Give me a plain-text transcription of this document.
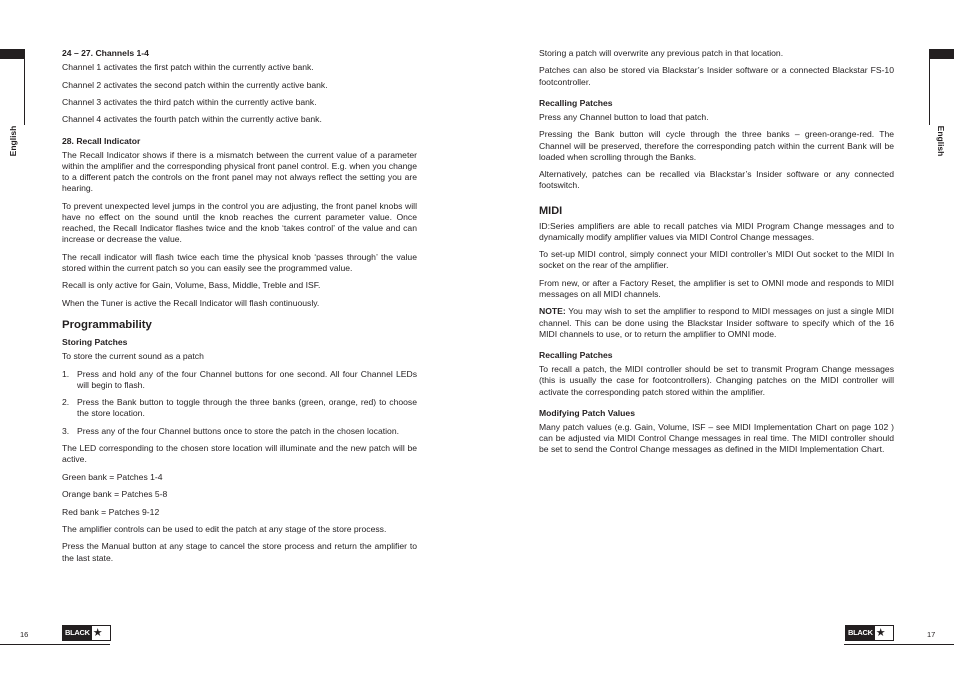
English	English
24 – 27. Channels 1-4

Channel 1 activates the first patch within the currently active bank.

Channel 2 activates the second patch within the currently active bank.

Channel 3 activates the third patch within the currently active bank.

Channel 4 activates the fourth patch within the currently active bank.

28. Recall Indicator

The Recall Indicator shows if there is a mismatch between the current value of a parameter within the amplifier and the corresponding physical front panel control. E.g. when you change to a different patch the controls on the front panel may not always reflect the setting you are hearing.

To prevent unexpected level jumps in the control you are adjusting, the front panel knobs will have no effect on the sound until the knob reaches the current parameter value. Once reached, the Recall Indicator flashes twice and the knob ‘takes control’ of the value and can increase or decrease the value.

The recall indicator will flash twice each time the physical knob ‘passes through’ the value stored within the current patch so you can easily see the programmed value.

Recall is only active for Gain, Volume, Bass, Middle, Treble and ISF.

When the Tuner is active the Recall Indicator will flash continuously.

Programmability
Storing Patches

To store the current sound as a patch

1. Press and hold any of the four Channel buttons for one second. All four Channel LEDs will begin to flash.
2. Press the Bank button to toggle through the three banks (green, orange, red) to choose the store location.
3. Press any of the four Channel buttons once to store the patch in the chosen location.

The LED corresponding to the chosen store location will illuminate and the new patch will be active.

Green bank = Patches 1-4

Orange bank = Patches 5-8

Red bank = Patches 9-12

The amplifier controls can be used to edit the patch at any stage of the store process.

Press the Manual button at any stage to cancel the store process and return the amplifier to the last state.

Storing a patch will overwrite any previous patch in that location.

Patches can also be stored via Blackstar’s Insider software or a connected Blackstar FS-10 footcontroller.

Recalling Patches

Press any Channel button to load that patch.

Pressing the Bank button will cycle through the three banks – green-orange-red. The Channel will be preserved, therefore the corresponding patch within the current Bank will be loaded when scrolling through the Banks.

Alternatively, patches can be recalled via Blackstar’s Insider software or any connected footswitch.

MIDI

ID:Series amplifiers are able to recall patches via MIDI Program Change messages and to dynamically modify amplifier values via MIDI Control Change messages.

To set-up MIDI control, simply connect your MIDI controller’s MIDI Out socket to the MIDI In socket on the rear of the amplifier.

From new, or after a Factory Reset, the amplifier is set to OMNI mode and responds to MIDI messages on all MIDI channels.

NOTE: You may wish to set the amplifier to respond to MIDI messages on just a single MIDI channel. This can be done using the Blackstar Insider software to specify which of the 16 MIDI channels to use, or to return the amplifier to OMNI mode.

Recalling Patches

To recall a patch, the MIDI controller should be set to transmit Program Change messages (this is usually the case for footcontrollers). Changing patches on the MIDI controller will activate the corresponding patch stored within the amplifier.

Modifying Patch Values

Many patch values (e.g. Gain, Volume, ISF – see MIDI Implementation Chart on page 102 ) can be adjusted via MIDI Control Change messages in real time. The MIDI controller should be set to send the Control Change messages as defined in the MIDI Implementation Chart.

16	17
BLACK ★	BLACK ★
